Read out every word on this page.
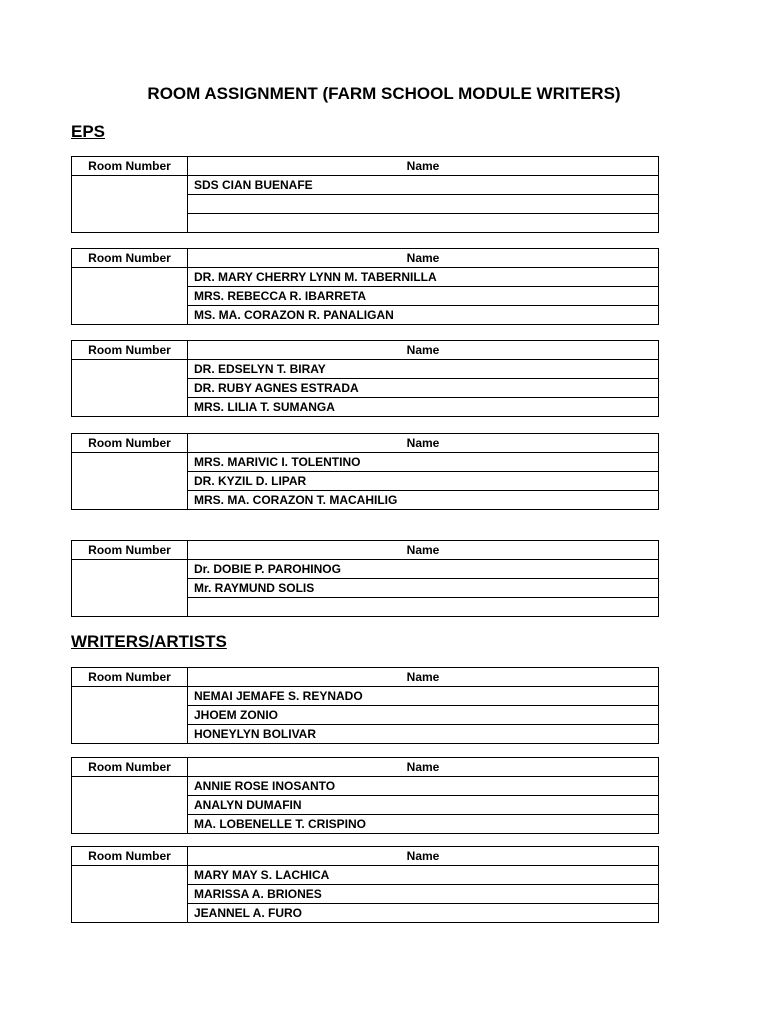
ROOM ASSIGNMENT (FARM SCHOOL MODULE WRITERS)
EPS
WRITERS/ARTISTS
Room Number	Name
	SDS CIAN BUENAFE

Room Number	Name
	DR. MARY CHERRY LYNN M. TABERNILLA
	MRS. REBECCA R. IBARRETA
	MS. MA. CORAZON R. PANALIGAN
Room Number	Name
	DR. EDSELYN T. BIRAY
	DR. RUBY AGNES ESTRADA
	MRS. LILIA T. SUMANGA
Room Number	Name
	MRS. MARIVIC I. TOLENTINO
	DR. KYZIL D. LIPAR
	MRS. MA. CORAZON T. MACAHILIG
Room Number	Name
	Dr. DOBIE P. PAROHINOG
	Mr. RAYMUND SOLIS

Room Number	Name
	NEMAI JEMAFE S. REYNADO
	JHOEM ZONIO
	HONEYLYN BOLIVAR
Room Number	Name
	ANNIE ROSE INOSANTO
	ANALYN DUMAFIN
	MA. LOBENELLE T. CRISPINO
Room Number	Name
	MARY MAY S. LACHICA
	MARISSA A. BRIONES
	JEANNEL A. FURO
